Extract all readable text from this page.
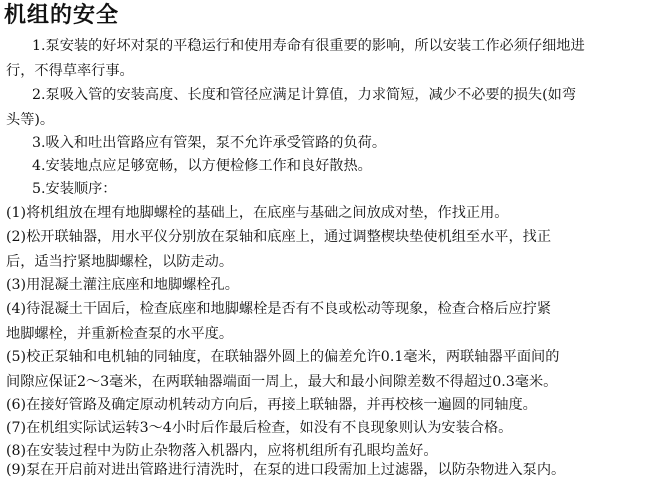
机组的安全
1.泵安装的好坏对泵的平稳运行和使用寿命有很重要的影响，所以安装工作必须仔细地进
行，不得草率行事。
2.泵吸入管的安装高度、长度和管径应满足计算值，力求简短，减少不必要的损失(如弯
头等)。
3.吸入和吐出管路应有管架，泵不允许承受管路的负荷。
4.安装地点应足够宽畅，以方便检修工作和良好散热。
5.安装顺序：
(1)将机组放在埋有地脚螺栓的基础上，在底座与基础之间放成对垫，作找正用。
(2)松开联轴器，用水平仪分别放在泵轴和底座上，通过调整楔块垫使机组至水平，找正
后，适当拧紧地脚螺栓，以防走动。
(3)用混凝土灌注底座和地脚螺栓孔。
(4)待混凝土干固后，检查底座和地脚螺栓是否有不良或松动等现象，检查合格后应拧紧
地脚螺栓，并重新检查泵的水平度。
(5)校正泵轴和电机轴的同轴度，在联轴器外圆上的偏差允许0.1毫米，两联轴器平面间的
间隙应保证2～3毫米，在两联轴器端面一周上，最大和最小间隙差数不得超过0.3毫米。
(6)在接好管路及确定原动机转动方向后，再接上联轴器，并再校核一遍圆的同轴度。
(7)在机组实际试运转3～4小时后作最后检查，如没有不良现象则认为安装合格。
(8)在安装过程中为防止杂物落入机器内，应将机组所有孔眼均盖好。
(9)泵在开启前对进出管路进行清洗时，在泵的进口段需加上过滤器，以防杂物进入泵内。
